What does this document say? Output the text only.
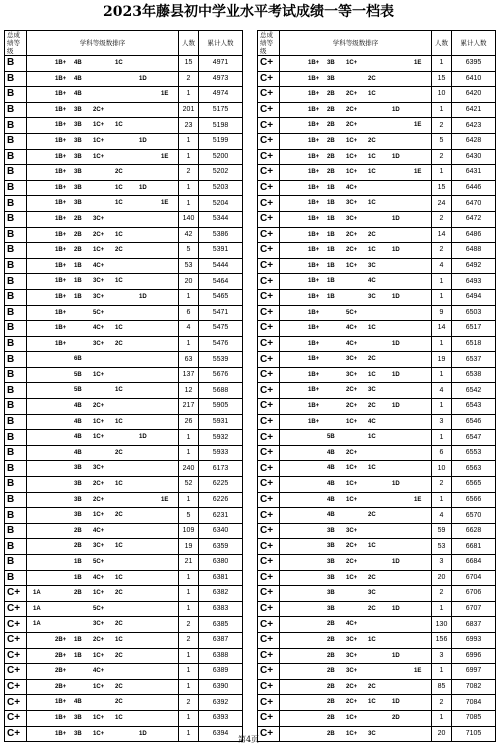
2023年藤县初中学业水平考试成绩一等一档表
总成绩等级	学科等级数排序	人数	累计人数
B	1B+ 4B 1C	15	4971
B	1B+ 4B 1D	2	4973
B	1B+ 4B 1E	1	4974
B	1B+ 3B 2C+	201	5175
B	1B+ 3B 1C+ 1C	23	5198
B	1B+ 3B 1C+ 1D	1	5199
B	1B+ 3B 1C+ 1E	1	5200
B	1B+ 3B 2C	2	5202
B	1B+ 3B 1C 1D	1	5203
B	1B+ 3B 1C 1E	1	5204
B	1B+ 2B 3C+	140	5344
B	1B+ 2B 2C+ 1C	42	5386
B	1B+ 2B 1C+ 2C	5	5391
B	1B+ 1B 4C+	53	5444
B	1B+ 1B 3C+ 1C	20	5464
B	1B+ 1B 3C+ 1D	1	5465
B	1B+ 5C+	6	5471
B	1B+ 4C+ 1C	4	5475
B	1B+ 3C+ 2C	1	5476
B	6B	63	5539
B	5B 1C+	137	5676
B	5B 1C	12	5688
B	4B 2C+	217	5905
B	4B 1C+ 1C	26	5931
B	4B 1C+ 1D	1	5932
B	4B 2C	1	5933
B	3B 3C+	240	6173
B	3B 2C+ 1C	52	6225
B	3B 2C+ 1E	1	6226
B	3B 1C+ 2C	5	6231
B	2B 4C+	109	6340
B	2B 3C+ 1C	19	6359
B	1B 5C+	21	6380
B	1B 4C+ 1C	1	6381
C+	1A 2B 1C+ 2C	1	6382
C+	1A 5C+	1	6383
C+	1A 3C+ 2C	2	6385
C+	2B+ 1B 2C+ 1C	2	6387
C+	2B+ 1B 1C+ 2C	1	6388
C+	2B+ 4C+	1	6389
C+	2B+ 1C+ 2C	1	6390
C+	1B+ 4B 2C	2	6392
C+	1B+ 3B 1C+ 1C	1	6393
C+	1B+ 3B 1C+ 1D	1	6394
总成绩等级	学科等级数排序	人数	累计人数
C+	1B+ 3B 1C+ 1E	1	6395
C+	1B+ 3B 2C	15	6410
C+	1B+ 2B 2C+ 1C	10	6420
C+	1B+ 2B 2C+ 1D	1	6421
C+	1B+ 2B 2C+ 1E	2	6423
C+	1B+ 2B 1C+ 2C	5	6428
C+	1B+ 2B 1C+ 1C 1D	2	6430
C+	1B+ 2B 1C+ 1C 1E	1	6431
C+	1B+ 1B 4C+	15	6446
C+	1B+ 1B 3C+ 1C	24	6470
C+	1B+ 1B 3C+ 1D	2	6472
C+	1B+ 1B 2C+ 2C	14	6486
C+	1B+ 1B 2C+ 1C 1D	2	6488
C+	1B+ 1B 1C+ 3C	4	6492
C+	1B+ 1B 4C	1	6493
C+	1B+ 1B 3C 1D	1	6494
C+	1B+ 5C+	9	6503
C+	1B+ 4C+ 1C	14	6517
C+	1B+ 4C+ 1D	1	6518
C+	1B+ 3C+ 2C	19	6537
C+	1B+ 3C+ 1C 1D	1	6538
C+	1B+ 2C+ 3C	4	6542
C+	1B+ 2C+ 2C 1D	1	6543
C+	1B+ 1C+ 4C	3	6546
C+	5B 1C	1	6547
C+	4B 2C+	6	6553
C+	4B 1C+ 1C	10	6563
C+	4B 1C+ 1D	2	6565
C+	4B 1C+ 1E	1	6566
C+	4B 2C	4	6570
C+	3B 3C+	59	6628
C+	3B 2C+ 1C	53	6681
C+	3B 2C+ 1D	3	6684
C+	3B 1C+ 2C	20	6704
C+	3B 3C	2	6706
C+	3B 2C 1D	1	6707
C+	2B 4C+	130	6837
C+	2B 3C+ 1C	156	6993
C+	2B 3C+ 1D	3	6996
C+	2B 3C+ 1E	1	6997
C+	2B 2C+ 2C	85	7082
C+	2B 2C+ 1C 1D	2	7084
C+	2B 1C+ 2D	1	7085
C+	2B 1C+ 3C	20	7105
第4页
